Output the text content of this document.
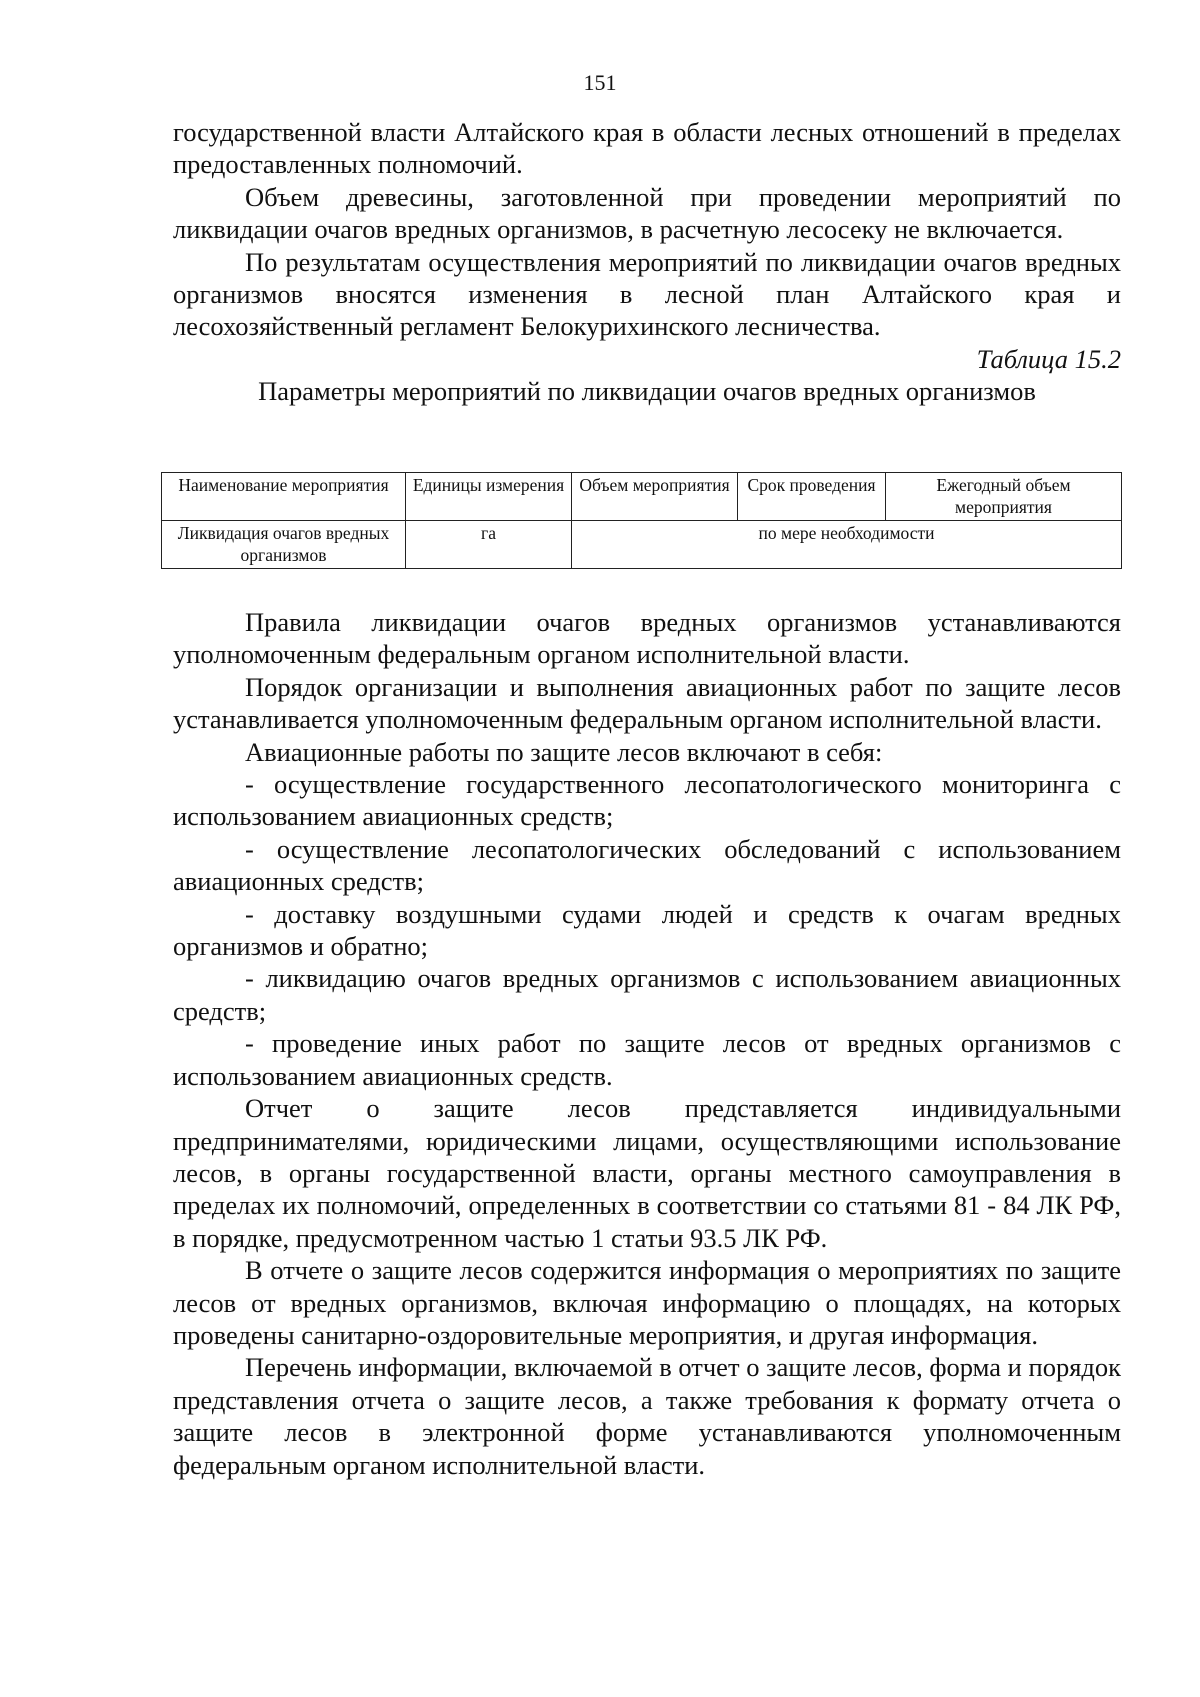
151

государственной власти Алтайского края в области лесных отношений в пределах предоставленных полномочий.

Объем древесины, заготовленной при проведении мероприятий по ликвидации очагов вредных организмов, в расчетную лесосеку не включается.

По результатам осуществления мероприятий по ликвидации очагов вредных организмов вносятся изменения в лесной план Алтайского края и лесохозяйственный регламент Белокурихинского лесничества.

Таблица 15.2

Параметры мероприятий по ликвидации очагов вредных организмов

Наименование мероприятия	Единицы измерения	Объем мероприятия	Срок проведения	Ежегодный объем мероприятия
Ликвидация очагов вредных организмов	га	по мере необходимости		

Правила ликвидации очагов вредных организмов устанавливаются уполномоченным федеральным органом исполнительной власти.

Порядок организации и выполнения авиационных работ по защите лесов устанавливается уполномоченным федеральным органом исполнительной власти.

Авиационные работы по защите лесов включают в себя:

- осуществление государственного лесопатологического мониторинга с использованием авиационных средств;

- осуществление лесопатологических обследований с использованием авиационных средств;

- доставку воздушными судами людей и средств к очагам вредных организмов и обратно;

- ликвидацию очагов вредных организмов с использованием авиационных средств;

- проведение иных работ по защите лесов от вредных организмов с использованием авиационных средств.

Отчет о защите лесов представляется индивидуальными предпринимателями, юридическими лицами, осуществляющими использование лесов, в органы государственной власти, органы местного самоуправления в пределах их полномочий, определенных в соответствии со статьями 81 - 84 ЛК РФ, в порядке, предусмотренном частью 1 статьи 93.5 ЛК РФ.

В отчете о защите лесов содержится информация о мероприятиях по защите лесов от вредных организмов, включая информацию о площадях, на которых проведены санитарно-оздоровительные мероприятия, и другая информация.

Перечень информации, включаемой в отчет о защите лесов, форма и порядок представления отчета о защите лесов, а также требования к формату отчета о защите лесов в электронной форме устанавливаются уполномоченным федеральным органом исполнительной власти.
